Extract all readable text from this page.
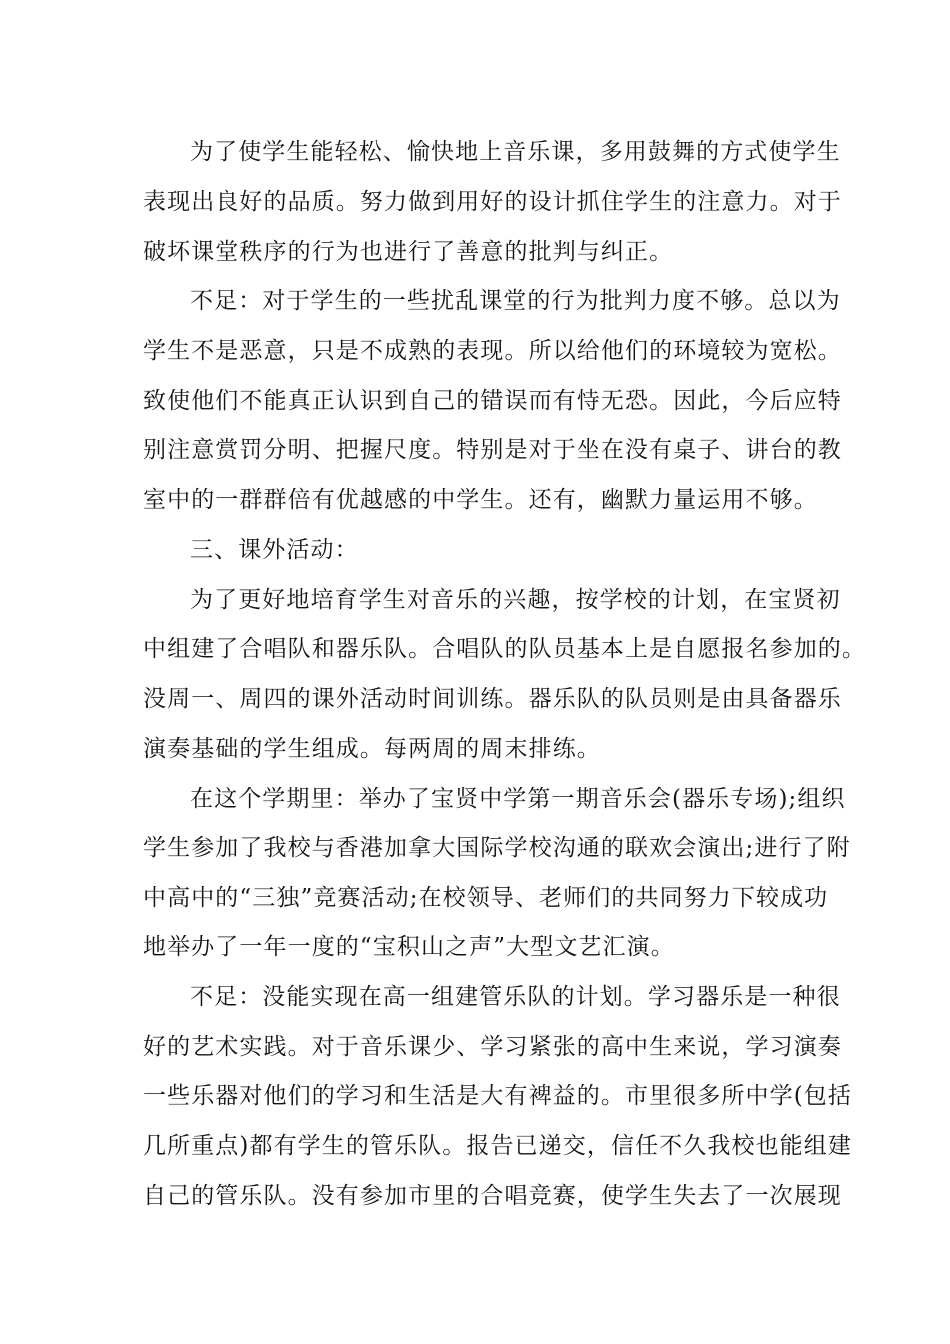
为了使学生能轻松、愉快地上音乐课，多用鼓舞的方式使学生
表现出良好的品质。努力做到用好的设计抓住学生的注意力。对于
破坏课堂秩序的行为也进行了善意的批判与纠正。
不足：对于学生的一些扰乱课堂的行为批判力度不够。总以为
学生不是恶意，只是不成熟的表现。所以给他们的环境较为宽松。
致使他们不能真正认识到自己的错误而有恃无恐。因此，今后应特
别注意赏罚分明、把握尺度。特别是对于坐在没有桌子、讲台的教
室中的一群群倍有优越感的中学生。还有，幽默力量运用不够。
三、课外活动：
为了更好地培育学生对音乐的兴趣，按学校的计划，在宝贤初
中组建了合唱队和器乐队。合唱队的队员基本上是自愿报名参加的。
没周一、周四的课外活动时间训练。器乐队的队员则是由具备器乐
演奏基础的学生组成。每两周的周末排练。
在这个学期里：举办了宝贤中学第一期音乐会(器乐专场);组织
学生参加了我校与香港加拿大国际学校沟通的联欢会演出;进行了附
中高中的“三独”竞赛活动;在校领导、老师们的共同努力下较成功
地举办了一年一度的“宝积山之声”大型文艺汇演。
不足：没能实现在高一组建管乐队的计划。学习器乐是一种很
好的艺术实践。对于音乐课少、学习紧张的高中生来说，学习演奏
一些乐器对他们的学习和生活是大有裨益的。市里很多所中学(包括
几所重点)都有学生的管乐队。报告已递交，信任不久我校也能组建
自己的管乐队。没有参加市里的合唱竞赛，使学生失去了一次展现
